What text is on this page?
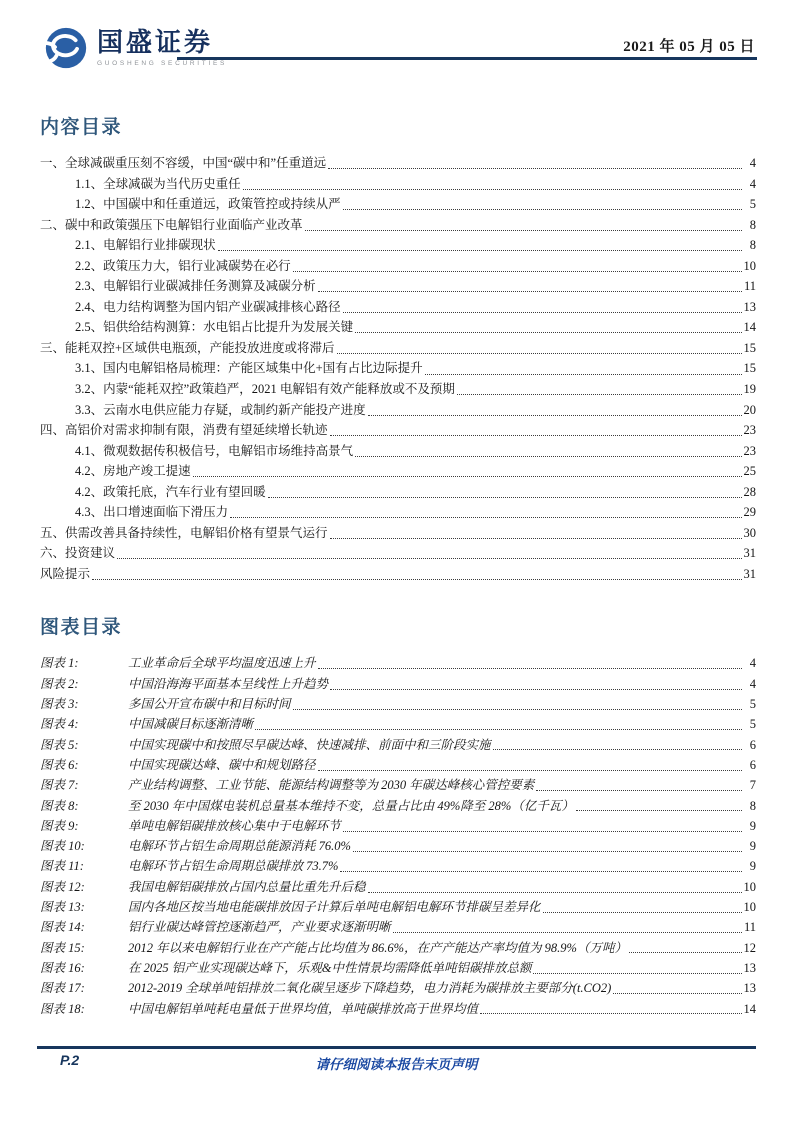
国盛证券
GUOSHENG SECURITIES
2021 年 05 月 05 日
内容目录
一、全球减碳重压刻不容缓，中国“碳中和”任重道远	4
1.1、全球减碳为当代历史重任	4
1.2、中国碳中和任重道远，政策管控或持续从严	5
二、碳中和政策强压下电解铝行业面临产业改革	8
2.1、电解铝行业排碳现状	8
2.2、政策压力大，铝行业减碳势在必行	10
2.3、电解铝行业碳减排任务测算及减碳分析	11
2.4、电力结构调整为国内铝产业碳减排核心路径	13
2.5、铝供给结构测算：水电铝占比提升为发展关键	14
三、能耗双控+区域供电瓶颈，产能投放进度或将滞后	15
3.1、国内电解铝格局梳理：产能区域集中化+国有占比边际提升	15
3.2、内蒙“能耗双控”政策趋严，2021 电解铝有效产能释放或不及预期	19
3.3、云南水电供应能力存疑，或制约新产能投产进度	20
四、高铝价对需求抑制有限，消费有望延续增长轨迹	23
4.1、微观数据传积极信号，电解铝市场维持高景气	23
4.2、房地产竣工提速	25
4.2、政策托底，汽车行业有望回暖	28
4.3、出口增速面临下滑压力	29
五、供需改善具备持续性，电解铝价格有望景气运行	30
六、投资建议	31
风险提示	31
图表目录
图表 1:	工业革命后全球平均温度迅速上升	4
图表 2:	中国沿海海平面基本呈线性上升趋势	4
图表 3:	多国公开宣布碳中和目标时间	5
图表 4:	中国减碳目标逐渐清晰	5
图表 5:	中国实现碳中和按照尽早碳达峰、快速减排、前面中和三阶段实施	6
图表 6:	中国实现碳达峰、碳中和规划路径	6
图表 7:	产业结构调整、工业节能、能源结构调整等为 2030 年碳达峰核心管控要素	7
图表 8:	至 2030 年中国煤电装机总量基本维持不变，总量占比由 49%降至 28%（亿千瓦）	8
图表 9:	单吨电解铝碳排放核心集中于电解环节	9
图表 10:	电解环节占铝生命周期总能源消耗 76.0%	9
图表 11:	电解环节占铝生命周期总碳排放 73.7%	9
图表 12:	我国电解铝碳排放占国内总量比重先升后稳	10
图表 13:	国内各地区按当地电能碳排放因子计算后单吨电解铝电解环节排碳呈差异化	10
图表 14:	铝行业碳达峰管控逐渐趋严，产业要求逐渐明晰	11
图表 15:	2012 年以来电解铝行业在产产能占比均值为 86.6%，在产产能达产率均值为 98.9%（万吨）	12
图表 16:	在 2025 铝产业实现碳达峰下，乐观&中性情景均需降低单吨铝碳排放总额	13
图表 17:	2012-2019 全球单吨铝排放二氧化碳呈逐步下降趋势，电力消耗为碳排放主要部分(t.CO2)	13
图表 18:	中国电解铝单吨耗电量低于世界均值，单吨碳排放高于世界均值	14
P.2	请仔细阅读本报告末页声明
